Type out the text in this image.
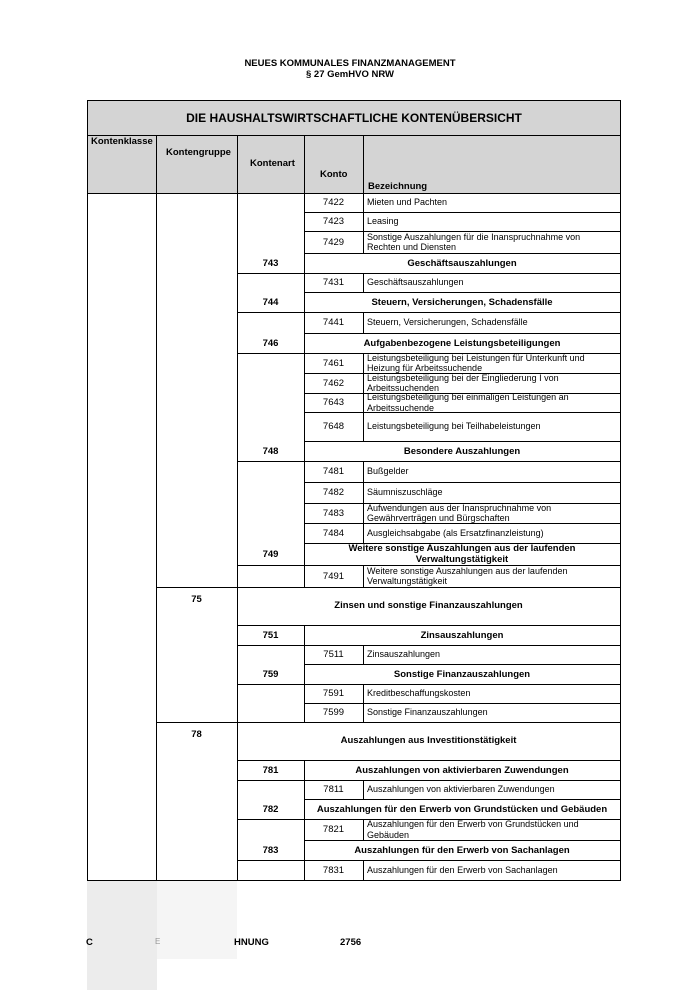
NEUES KOMMUNALES FINANZMANAGEMENT
§ 27 GemHVO NRW
DIE HAUSHALTSWIRTSCHAFTLICHE KONTENÜBERSICHT
Kontenklasse
Kontengruppe
Kontenart
Konto
Bezeichnung
7422	Mieten und Pachten
7423	Leasing
7429	Sonstige Auszahlungen für die Inanspruchnahme von Rechten und Diensten
743	Geschäftsauszahlungen
7431	Geschäftsauszahlungen
744	Steuern, Versicherungen, Schadensfälle
7441	Steuern, Versicherungen, Schadensfälle
746	Aufgabenbezogene Leistungsbeteiligungen
7461	Leistungsbeteiligung bei Leistungen für Unterkunft und Heizung für Arbeitssuchende
7462	Leistungsbeteiligung bei der Eingliederung I von Arbeitssuchenden
7643	Leistungsbeteiligung bei einmaligen Leistungen an Arbeitssuchende
7648	Leistungsbeteiligung bei Teilhabeleistungen
748	Besondere Auszahlungen
7481	Bußgelder
7482	Säumniszuschläge
7483	Aufwendungen aus der Inanspruchnahme von Gewährverträgen und Bürgschaften
7484	Ausgleichsabgabe (als Ersatzfinanzleistung)
749	Weitere sonstige Auszahlungen aus der laufenden Verwaltungstätigkeit
7491	Weitere sonstige Auszahlungen aus der laufenden Verwaltungstätigkeit
75
Zinsen und sonstige Finanzauszahlungen
751	Zinsauszahlungen
7511	Zinsauszahlungen
759	Sonstige Finanzauszahlungen
7591	Kreditbeschaffungskosten
7599	Sonstige Finanzauszahlungen
78
Auszahlungen aus Investitionstätigkeit
781	Auszahlungen von aktivierbaren Zuwendungen
7811	Auszahlungen von aktivierbaren Zuwendungen
782	Auszahlungen für den Erwerb von Grundstücken und Gebäuden
7821	Auszahlungen für den Erwerb von Grundstücken und Gebäuden
783	Auszahlungen für den Erwerb von Sachanlagen
7831	Auszahlungen für den Erwerb von Sachanlagen
C	E	HNUNG	2756
